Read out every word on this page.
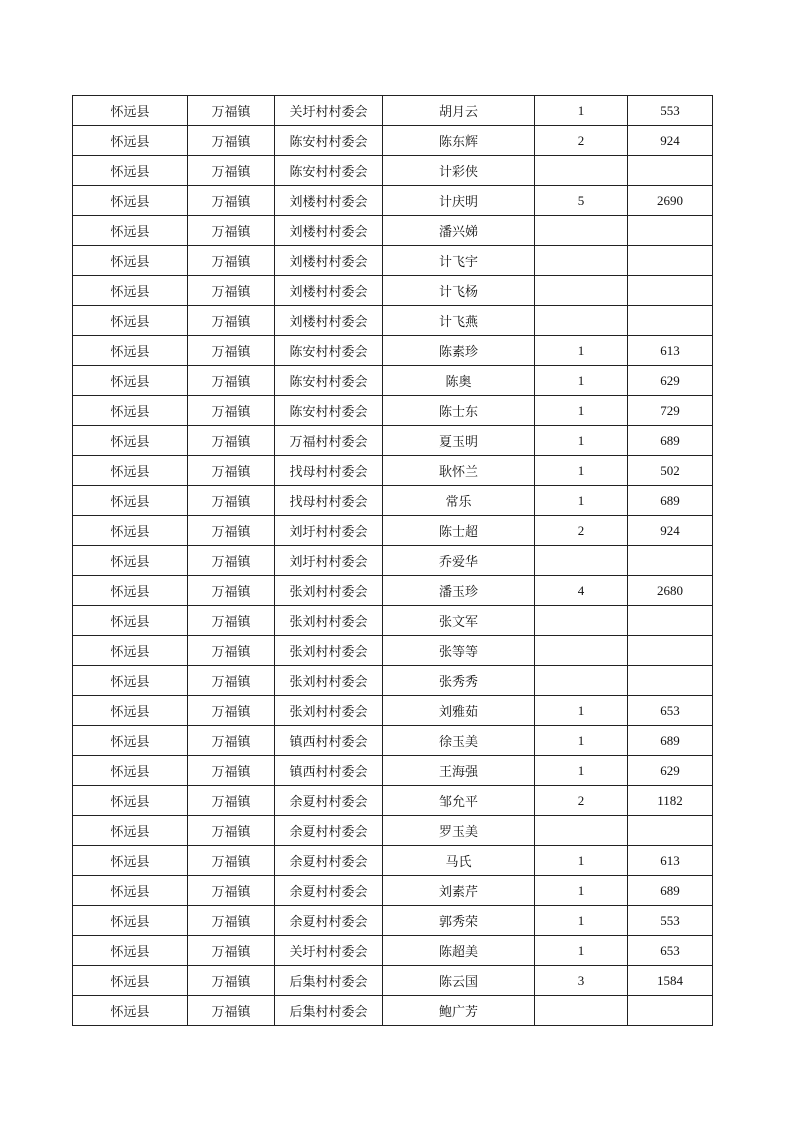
怀远县	万福镇	关圩村村委会	胡月云	1	553
怀远县	万福镇	陈安村村委会	陈东辉	2	924
怀远县	万福镇	陈安村村委会	计彩侠		
怀远县	万福镇	刘楼村村委会	计庆明	5	2690
怀远县	万福镇	刘楼村村委会	潘兴娣		
怀远县	万福镇	刘楼村村委会	计飞宇		
怀远县	万福镇	刘楼村村委会	计飞杨		
怀远县	万福镇	刘楼村村委会	计飞燕		
怀远县	万福镇	陈安村村委会	陈素珍	1	613
怀远县	万福镇	陈安村村委会	陈奥	1	629
怀远县	万福镇	陈安村村委会	陈士东	1	729
怀远县	万福镇	万福村村委会	夏玉明	1	689
怀远县	万福镇	找母村村委会	耿怀兰	1	502
怀远县	万福镇	找母村村委会	常乐	1	689
怀远县	万福镇	刘圩村村委会	陈士超	2	924
怀远县	万福镇	刘圩村村委会	乔爱华		
怀远县	万福镇	张刘村村委会	潘玉珍	4	2680
怀远县	万福镇	张刘村村委会	张文军		
怀远县	万福镇	张刘村村委会	张等等		
怀远县	万福镇	张刘村村委会	张秀秀		
怀远县	万福镇	张刘村村委会	刘雅茹	1	653
怀远县	万福镇	镇西村村委会	徐玉美	1	689
怀远县	万福镇	镇西村村委会	王海强	1	629
怀远县	万福镇	余夏村村委会	邹允平	2	1182
怀远县	万福镇	余夏村村委会	罗玉美		
怀远县	万福镇	余夏村村委会	马氏	1	613
怀远县	万福镇	余夏村村委会	刘素芹	1	689
怀远县	万福镇	余夏村村委会	郭秀荣	1	553
怀远县	万福镇	关圩村村委会	陈超美	1	653
怀远县	万福镇	后集村村委会	陈云国	3	1584
怀远县	万福镇	后集村村委会	鲍广芳		
